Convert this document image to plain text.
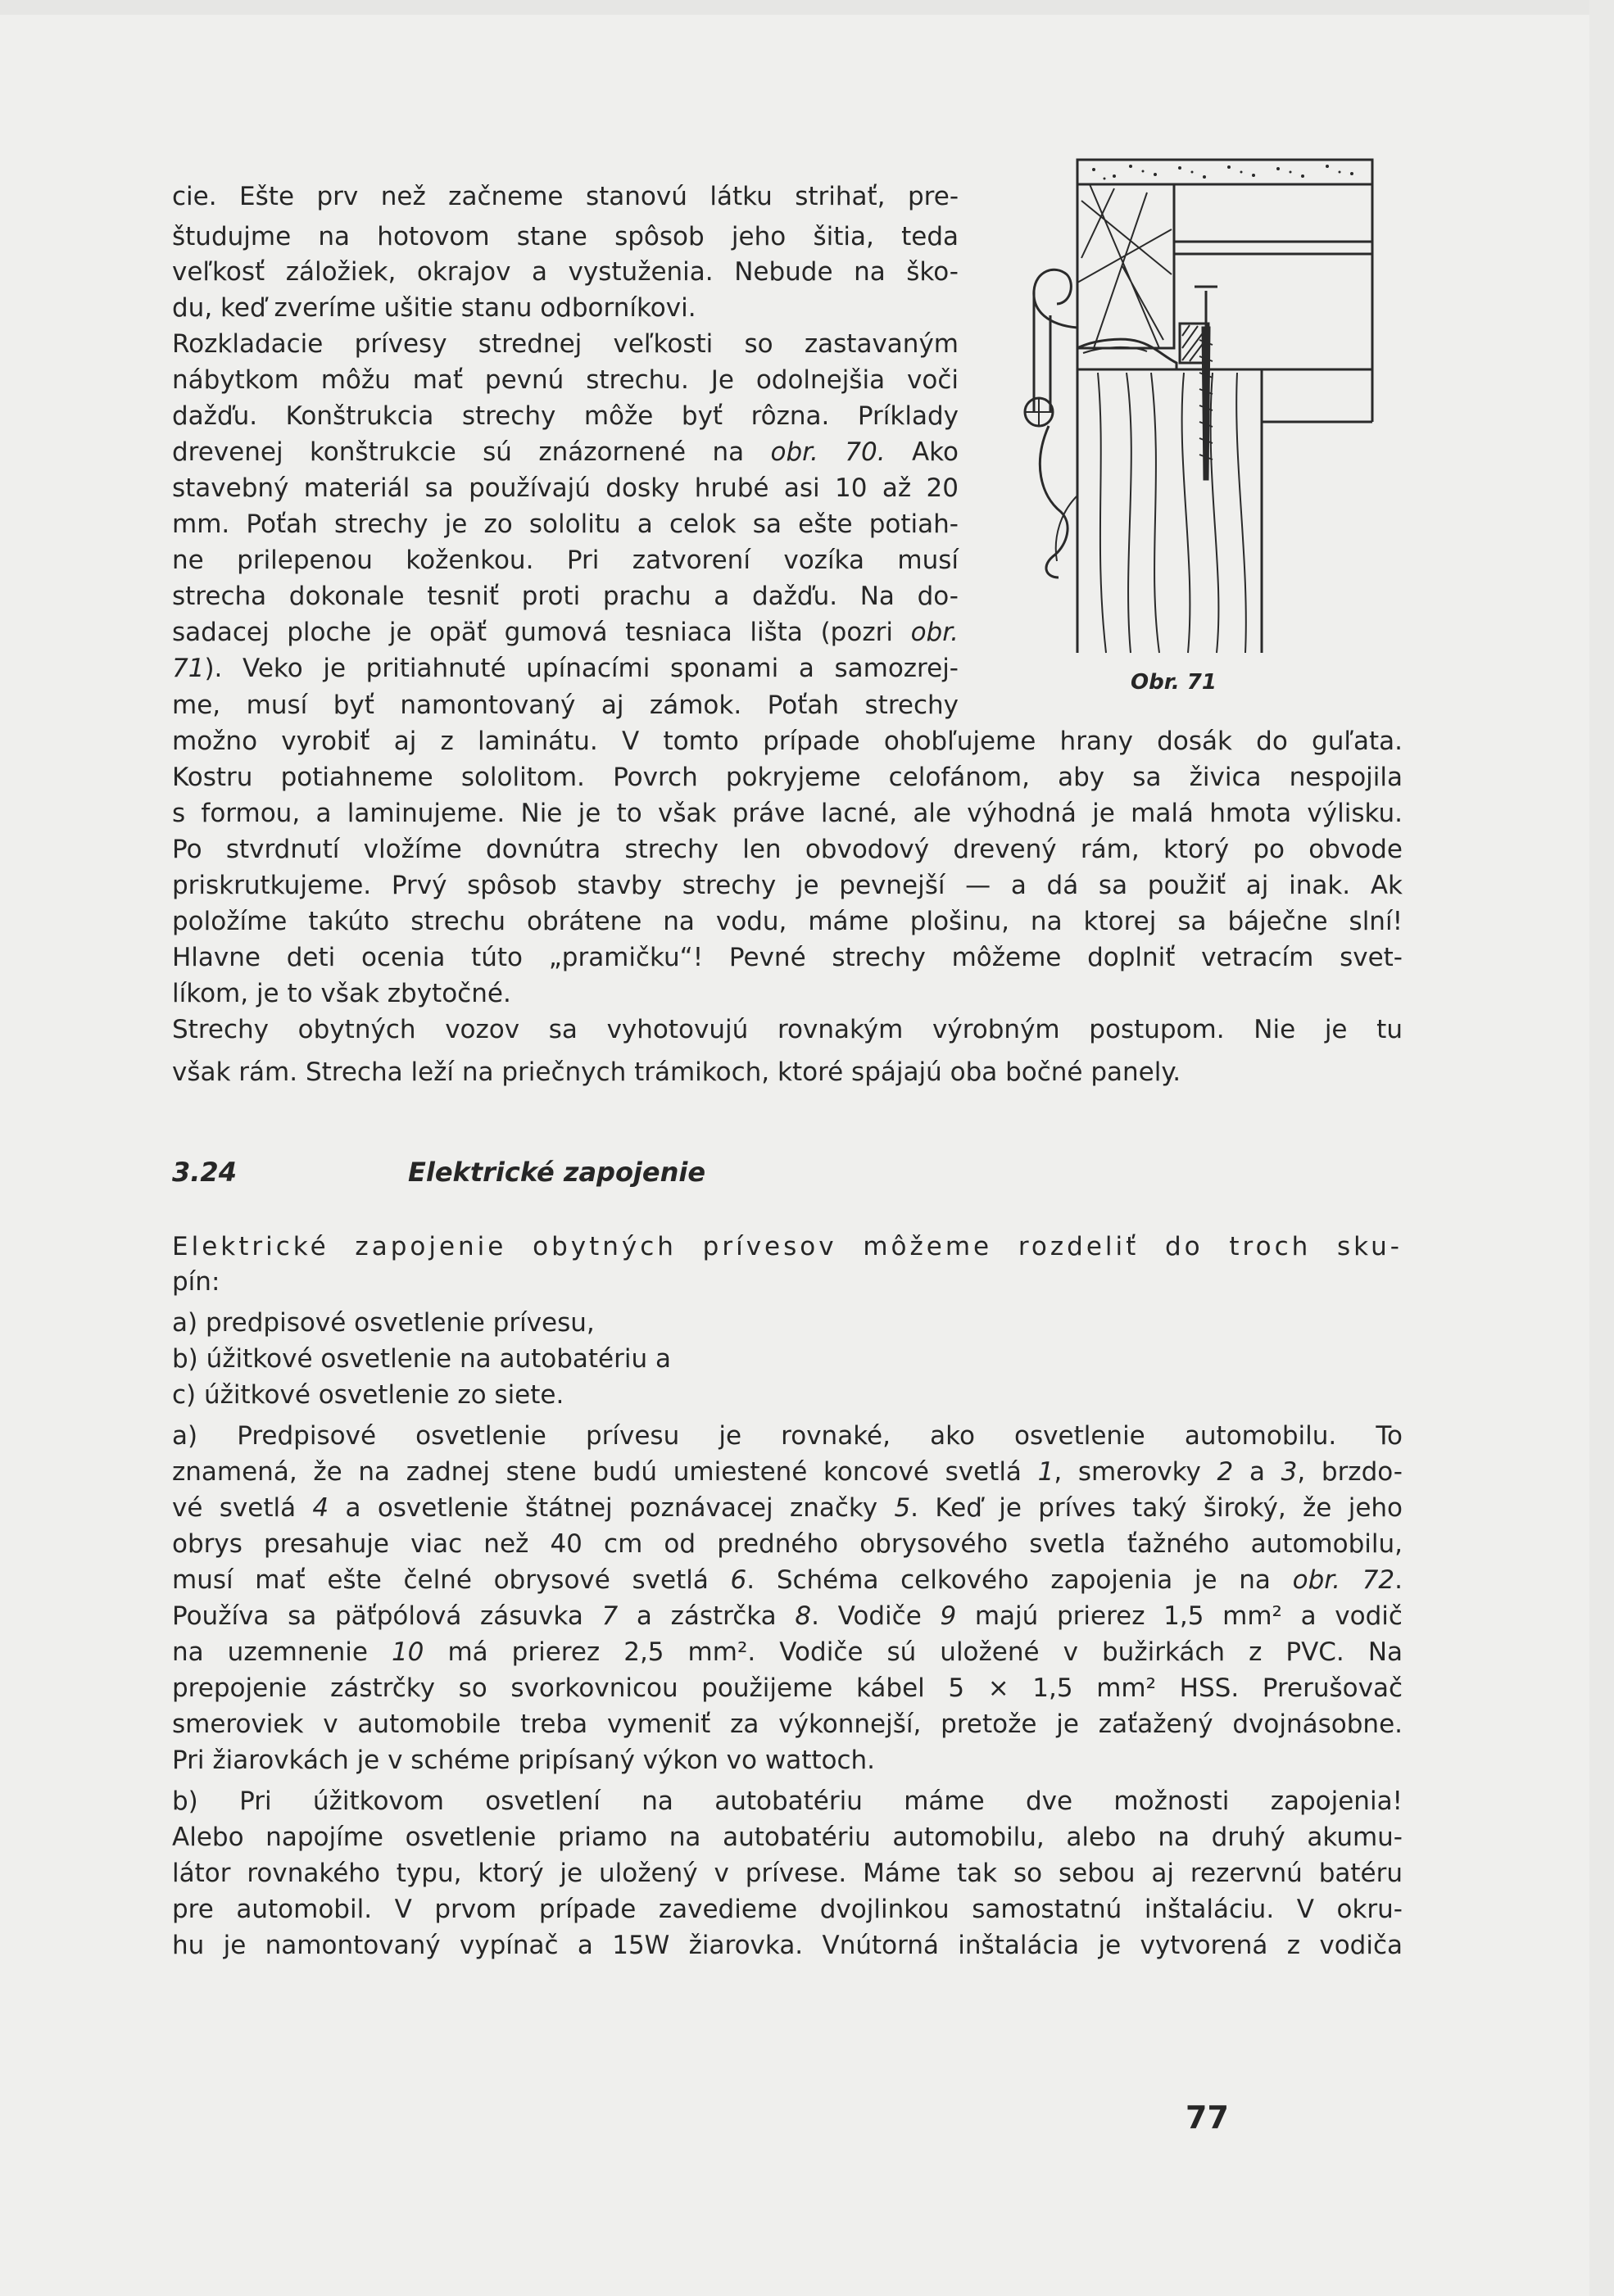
Obr. 71

cie. Ešte prv než začneme stanovú látku strihať, pre-

študujme na hotovom stane spôsob jeho šitia, teda

veľkosť záložiek, okrajov a vystuženia. Nebude na ško-

du, keď zveríme ušitie stanu odborníkovi.

Rozkladacie prívesy strednej veľkosti so zastavaným

nábytkom môžu mať pevnú strechu. Je odolnejšia voči

dažďu. Konštrukcia strechy môže byť rôzna. Príklady

drevenej konštrukcie sú znázornené na obr. 70. Ako

stavebný materiál sa používajú dosky hrubé asi 10 až 20

mm. Poťah strechy je zo sololitu a celok sa ešte potiah-

ne prilepenou koženkou. Pri zatvorení vozíka musí

strecha dokonale tesniť proti prachu a dažďu. Na do-

sadacej ploche je opäť gumová tesniaca lišta (pozri obr.

71). Veko je pritiahnuté upínacími sponami a samozrej-

me, musí byť namontovaný aj zámok. Poťah strechy

možno vyrobiť aj z laminátu. V tomto prípade ohobľujeme hrany dosák do guľata.

Kostru potiahneme sololitom. Povrch pokryjeme celofánom, aby sa živica nespojila

s formou, a laminujeme. Nie je to však práve lacné, ale výhodná je malá hmota výlisku.

Po stvrdnutí vložíme dovnútra strechy len obvodový drevený rám, ktorý po obvode

priskrutkujeme. Prvý spôsob stavby strechy je pevnejší — a dá sa použiť aj inak. Ak

položíme takúto strechu obrátene na vodu, máme plošinu, na ktorej sa báječne slní!

Hlavne deti ocenia túto „pramičku“! Pevné strechy môžeme doplniť vetracím svet-

líkom, je to však zbytočné.

Strechy obytných vozov sa vyhotovujú rovnakým výrobným postupom. Nie je tu

však rám. Strecha leží na priečnych trámikoch, ktoré spájajú oba bočné panely.

3.24	Elektrické zapojenie

Elektrické zapojenie obytných prívesov môžeme rozdeliť do troch sku-

pín:

a) predpisové osvetlenie prívesu,

b) úžitkové osvetlenie na autobatériu a

c) úžitkové osvetlenie zo siete.

a) Predpisové osvetlenie prívesu je rovnaké, ako osvetlenie automobilu. To

znamená, že na zadnej stene budú umiestené koncové svetlá 1, smerovky 2 a 3, brzdo-

vé svetlá 4 a osvetlenie štátnej poznávacej značky 5. Keď je príves taký široký, že jeho

obrys presahuje viac než 40 cm od predného obrysového svetla ťažného automobilu,

musí mať ešte čelné obrysové svetlá 6. Schéma celkového zapojenia je na obr. 72.

Používa sa päťpólová zásuvka 7 a zástrčka 8. Vodiče 9 majú prierez 1,5 mm² a vodič

na uzemnenie 10 má prierez 2,5 mm². Vodiče sú uložené v bužirkách z PVC. Na

prepojenie zástrčky so svorkovnicou použijeme kábel 5 × 1,5 mm² HSS. Prerušovač

smeroviek v automobile treba vymeniť za výkonnejší, pretože je zaťažený dvojnásobne.

Pri žiarovkách je v schéme pripísaný výkon vo wattoch.

b) Pri úžitkovom osvetlení na autobatériu máme dve možnosti zapojenia!

Alebo napojíme osvetlenie priamo na autobatériu automobilu, alebo na druhý akumu-

látor rovnakého typu, ktorý je uložený v prívese. Máme tak so sebou aj rezervnú batéru

pre automobil. V prvom prípade zavedieme dvojlinkou samostatnú inštaláciu. V okru-

hu je namontovaný vypínač a 15W žiarovka. Vnútorná inštalácia je vytvorená z vodiča

77
